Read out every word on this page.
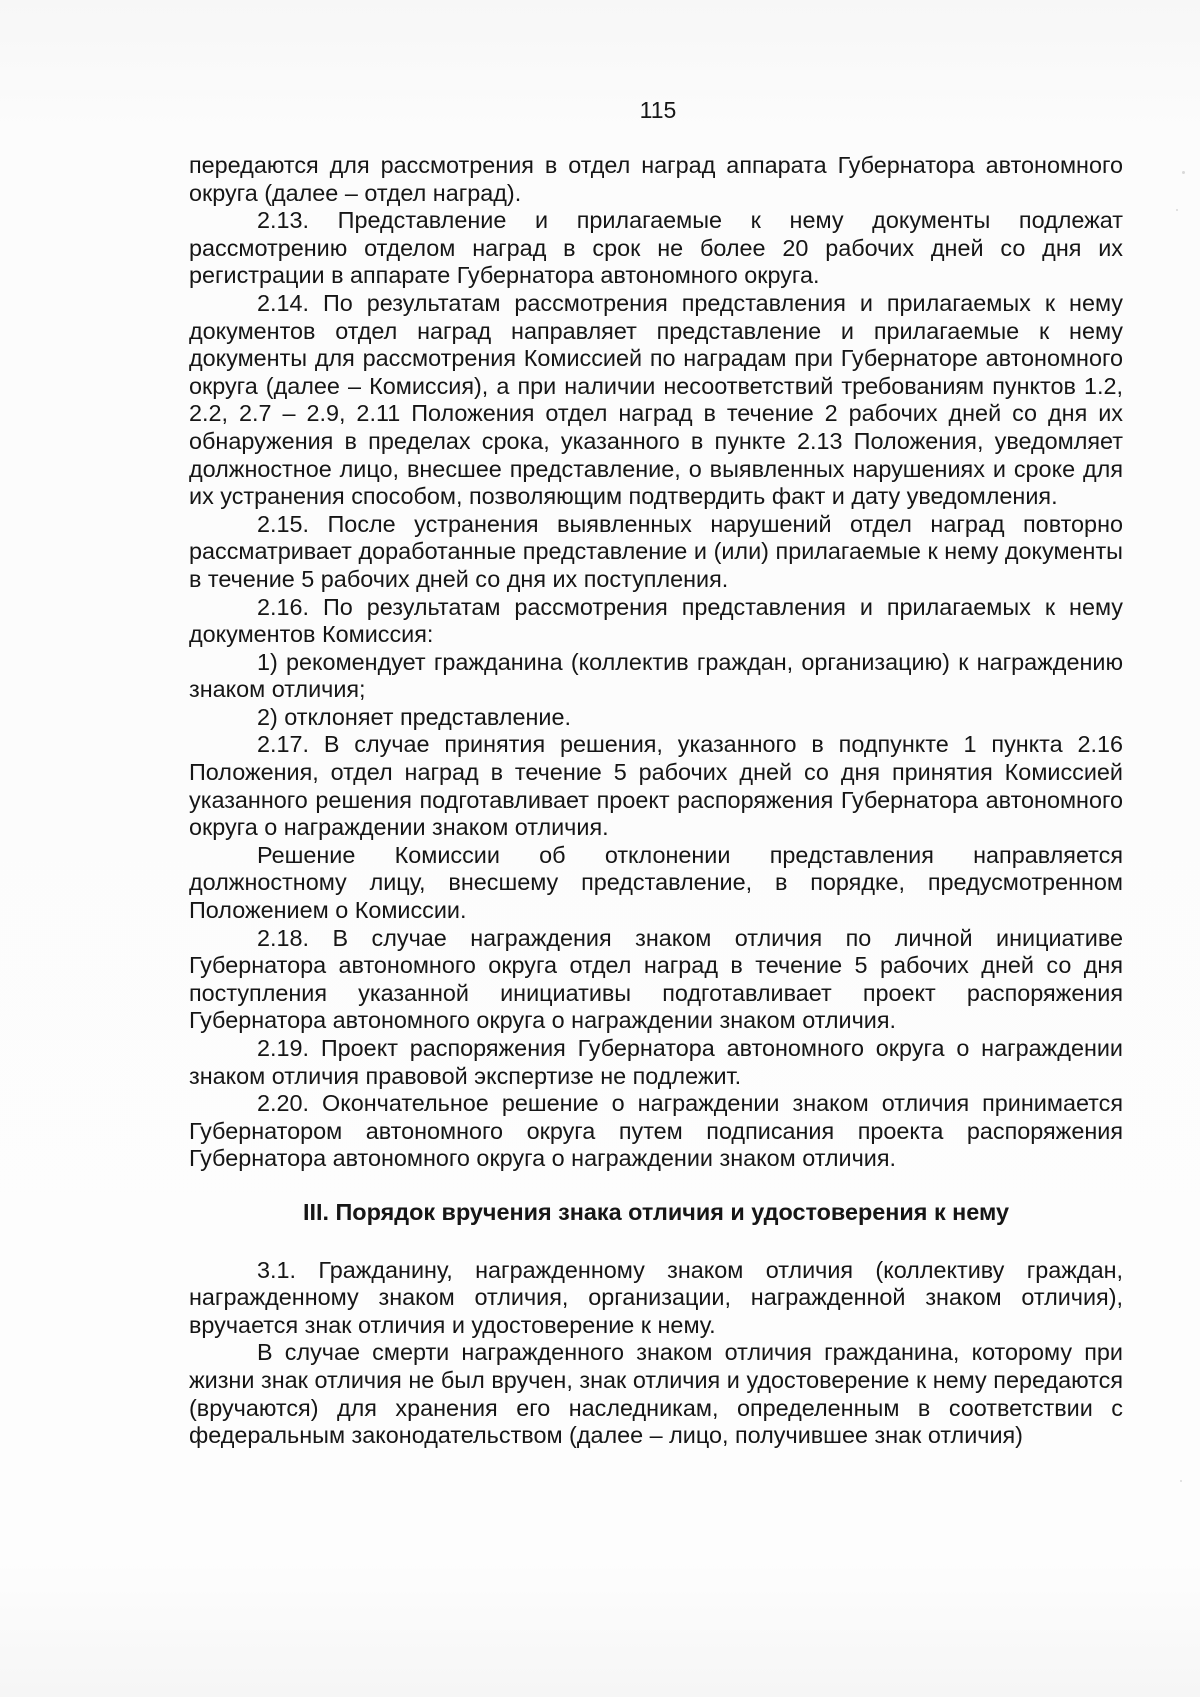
115

передаются для рассмотрения в отдел наград аппарата Губернатора автономного округа (далее – отдел наград).

2.13. Представление и прилагаемые к нему документы подлежат рассмотрению отделом наград в срок не более 20 рабочих дней со дня их регистрации в аппарате Губернатора автономного округа.

2.14. По результатам рассмотрения представления и прилагаемых к нему документов отдел наград направляет представление и прилагаемые к нему документы для рассмотрения Комиссией по наградам при Губернаторе автономного округа (далее – Комиссия), а при наличии несоответствий требованиям пунктов 1.2, 2.2, 2.7 – 2.9, 2.11 Положения отдел наград в течение 2 рабочих дней со дня их обнаружения в пределах срока, указанного в пункте 2.13 Положения, уведомляет должностное лицо, внесшее представление, о выявленных нарушениях и сроке для их устранения способом, позволяющим подтвердить факт и дату уведомления.

2.15. После устранения выявленных нарушений отдел наград повторно рассматривает доработанные представление и (или) прилагаемые к нему документы в течение 5 рабочих дней со дня их поступления.

2.16. По результатам рассмотрения представления и прилагаемых к нему документов Комиссия:

1) рекомендует гражданина (коллектив граждан, организацию) к награждению знаком отличия;

2) отклоняет представление.

2.17. В случае принятия решения, указанного в подпункте 1 пункта 2.16 Положения, отдел наград в течение 5 рабочих дней со дня принятия Комиссией указанного решения подготавливает проект распоряжения Губернатора автономного округа о награждении знаком отличия.

Решение Комиссии об отклонении представления направляется должностному лицу, внесшему представление, в порядке, предусмотренном Положением о Комиссии.

2.18. В случае награждения знаком отличия по личной инициативе Губернатора автономного округа отдел наград в течение 5 рабочих дней со дня поступления указанной инициативы подготавливает проект распоряжения Губернатора автономного округа о награждении знаком отличия.

2.19. Проект распоряжения Губернатора автономного округа о награждении знаком отличия правовой экспертизе не подлежит.

2.20. Окончательное решение о награждении знаком отличия принимается Губернатором автономного округа путем подписания проекта распоряжения Губернатора автономного округа о награждении знаком отличия.

III. Порядок вручения знака отличия и удостоверения к нему

3.1. Гражданину, награжденному знаком отличия (коллективу граждан, награжденному знаком отличия, организации, награжденной знаком отличия), вручается знак отличия и удостоверение к нему.

В случае смерти награжденного знаком отличия гражданина, которому при жизни знак отличия не был вручен, знак отличия и удостоверение к нему передаются (вручаются) для хранения его наследникам, определенным в соответствии с федеральным законодательством (далее – лицо, получившее знак отличия)
